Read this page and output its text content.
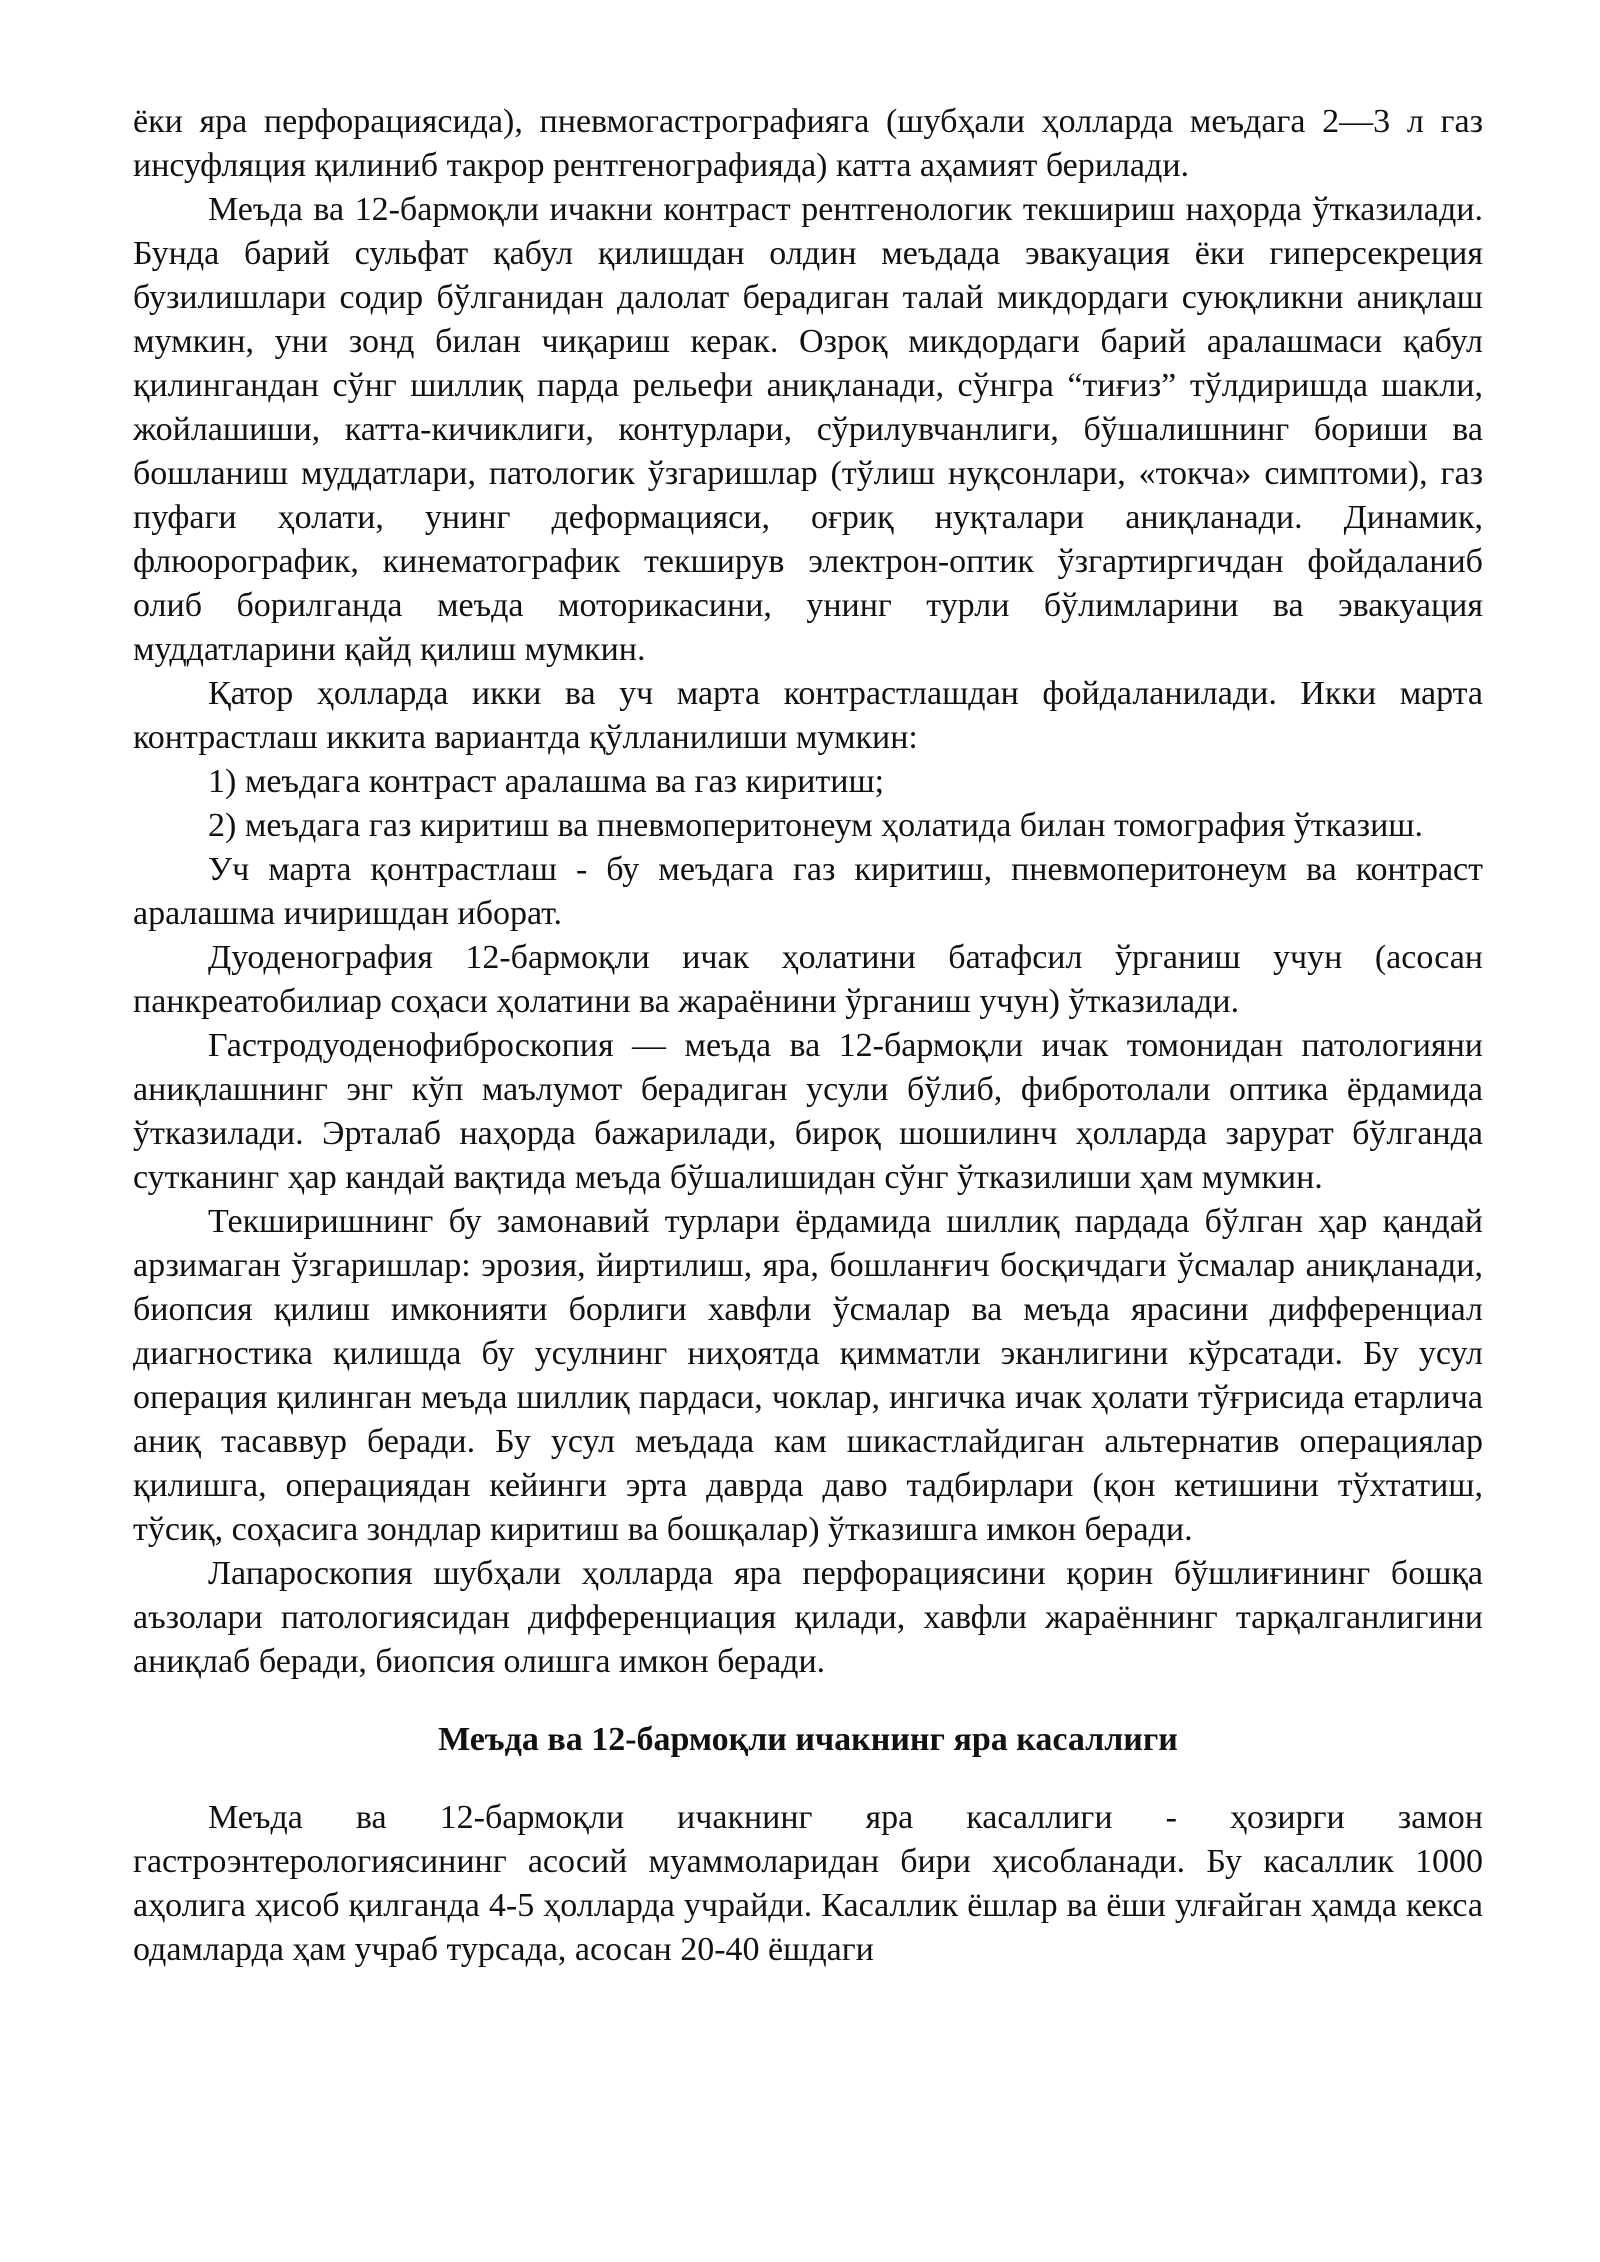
ёки яра перфорациясида), пневмогастрографияга (шубҳали ҳолларда меъдага 2—3 л газ инсуфляция қилиниб такрор рентгенографияда) катта аҳамият берилади.

Меъда ва 12-бармоқли ичакни контраст рентгенологик текшириш наҳорда ўтказилади. Бунда барий сульфат қабул қилишдан олдин меъдада эвакуация ёки гиперсекреция бузилишлари содир бўлганидан далолат берадиган талай микдордаги суюқликни аниқлаш мумкин, уни зонд билан чиқариш керак. Озроқ микдордаги барий аралашмаси қабул қилингандан сўнг шиллиқ парда рельефи аниқланади, сўнгра “тиғиз” тўлдиришда шакли, жойлашиши, катта-кичиклиги, контурлари, сўрилувчанлиги, бўшалишнинг бориши ва бошланиш муддатлари, патологик ўзгаришлар (тўлиш нуқсонлари, «токча» симптоми), газ пуфаги ҳолати, унинг деформацияси, оғриқ нуқталари аниқланади. Динамик, флюорографик, кинематографик текширув электрон-оптик ўзгартиргичдан фойдаланиб олиб борилганда меъда моторикасини, унинг турли бўлимларини ва эвакуация муддатларини қайд қилиш мумкин.

Қатор ҳолларда икки ва уч марта контрастлашдан фойдаланилади. Икки марта контрастлаш иккита вариантда қўлланилиши мумкин:

1) меъдага контраст аралашма ва газ киритиш;

2) меъдага газ киритиш ва пневмоперитонеум ҳолатида билан томография ўтказиш.

Уч марта қонтрастлаш - бу меъдага газ киритиш, пневмоперитонеум ва контраст аралашма ичиришдан иборат.

Дуоденография 12-бармоқли ичак ҳолатини батафсил ўрганиш учун (асосан панкреатобилиар соҳаси ҳолатини ва жараёнини ўрганиш учун) ўтказилади.

Гастродуоденофиброскопия — меъда ва 12-бармоқли ичак томонидан патологияни аниқлашнинг энг кўп маълумот берадиган усули бўлиб, фибротолали оптика ёрдамида ўтказилади. Эрталаб наҳорда бажарилади, бироқ шошилинч ҳолларда зарурат бўлганда сутканинг ҳар кандай вақтида меъда бўшалишидан сўнг ўтказилиши ҳам мумкин.

Текширишнинг бу замонавий турлари ёрдамида шиллиқ пардада бўлган ҳар қандай арзимаган ўзгаришлар: эрозия, йиртилиш, яра, бошланғич босқичдаги ўсмалар аниқланади, биопсия қилиш имконияти борлиги хавфли ўсмалар ва меъда ярасини дифференциал диагностика қилишда бу усулнинг ниҳоятда қимматли эканлигини кўрсатади. Бу усул операция қилинган меъда шиллиқ пардаси, чоклар, ингичка ичак ҳолати тўғрисида етарлича аниқ тасаввур беради. Бу усул меъдада кам шикастлайдиган альтернатив операциялар қилишга, операциядан кейинги эрта даврда даво тадбирлари (қон кетишини тўхтатиш, тўсиқ, соҳасига зондлар киритиш ва бошқалар) ўтказишга имкон беради.

Лапароскопия шубҳали ҳолларда яра перфорациясини қорин бўшлиғининг бошқа аъзолари патологиясидан дифференциация қилади, хавфли жараённинг тарқалганлигини аниқлаб беради, биопсия олишга имкон беради.

Меъда ва 12-бармоқли ичакнинг яра касаллиги

Меъда ва 12-бармоқли ичакнинг яра касаллиги - ҳозирги замон гастроэнтерологиясининг асосий муаммоларидан бири ҳисобланади. Бу касаллик 1000 аҳолига ҳисоб қилганда 4-5 ҳолларда учрайди. Касаллик ёшлар ва ёши улғайган ҳамда кекса одамларда ҳам учраб турсада, асосан 20-40 ёшдаги
